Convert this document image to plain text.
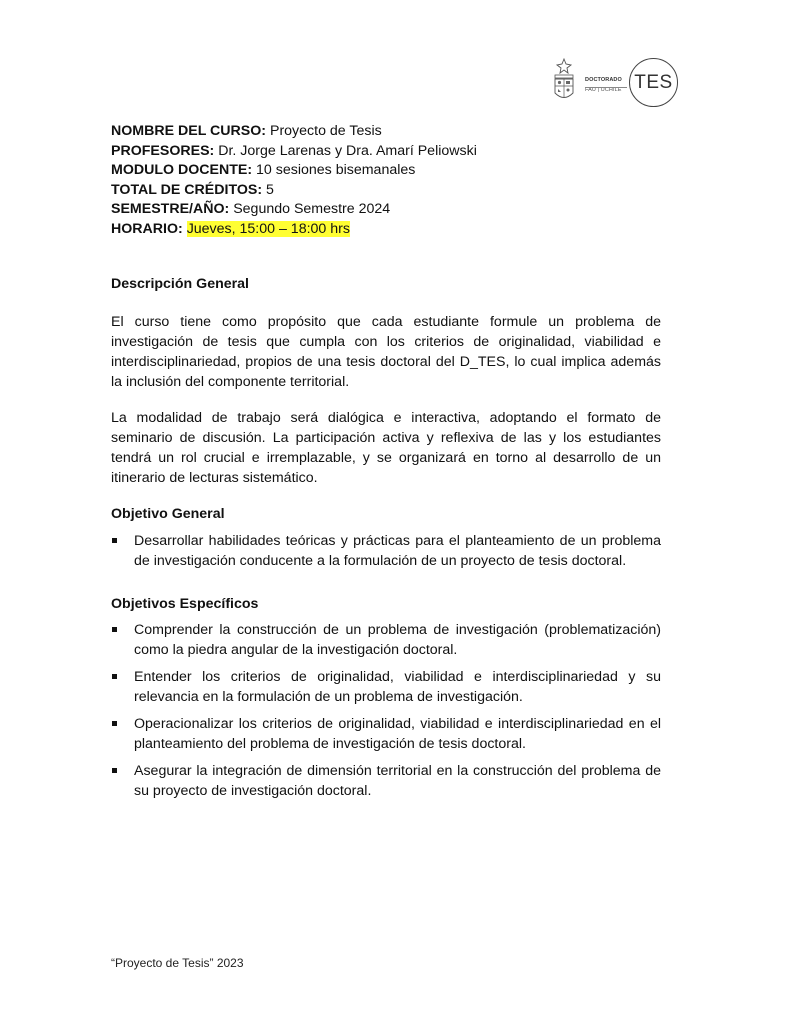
DOCTORADO
FAU | UCHILE TES
NOMBRE DEL CURSO: Proyecto de Tesis
PROFESORES: Dr. Jorge Larenas y Dra. Amarí Peliowski
MODULO DOCENTE: 10 sesiones bisemanales
TOTAL DE CRÉDITOS: 5
SEMESTRE/AÑO: Segundo Semestre 2024
HORARIO: Jueves, 15:00 – 18:00 hrs
Descripción General
El curso tiene como propósito que cada estudiante formule un problema de investigación de tesis que cumpla con los criterios de originalidad, viabilidad e interdisciplinariedad, propios de una tesis doctoral del D_TES, lo cual implica además la inclusión del componente territorial.
La modalidad de trabajo será dialógica e interactiva, adoptando el formato de seminario de discusión. La participación activa y reflexiva de las y los estudiantes tendrá un rol crucial e irremplazable, y se organizará en torno al desarrollo de un itinerario de lecturas sistemático.
Objetivo General
Desarrollar habilidades teóricas y prácticas para el planteamiento de un problema de investigación conducente a la formulación de un proyecto de tesis doctoral.
Objetivos Específicos
Comprender la construcción de un problema de investigación (problematización) como la piedra angular de la investigación doctoral.
Entender los criterios de originalidad, viabilidad e interdisciplinariedad y su relevancia en la formulación de un problema de investigación.
Operacionalizar los criterios de originalidad, viabilidad e interdisciplinariedad en el planteamiento del problema de investigación de tesis doctoral.
Asegurar la integración de dimensión territorial en la construcción del problema de su proyecto de investigación doctoral.
“Proyecto de Tesis” 2023
